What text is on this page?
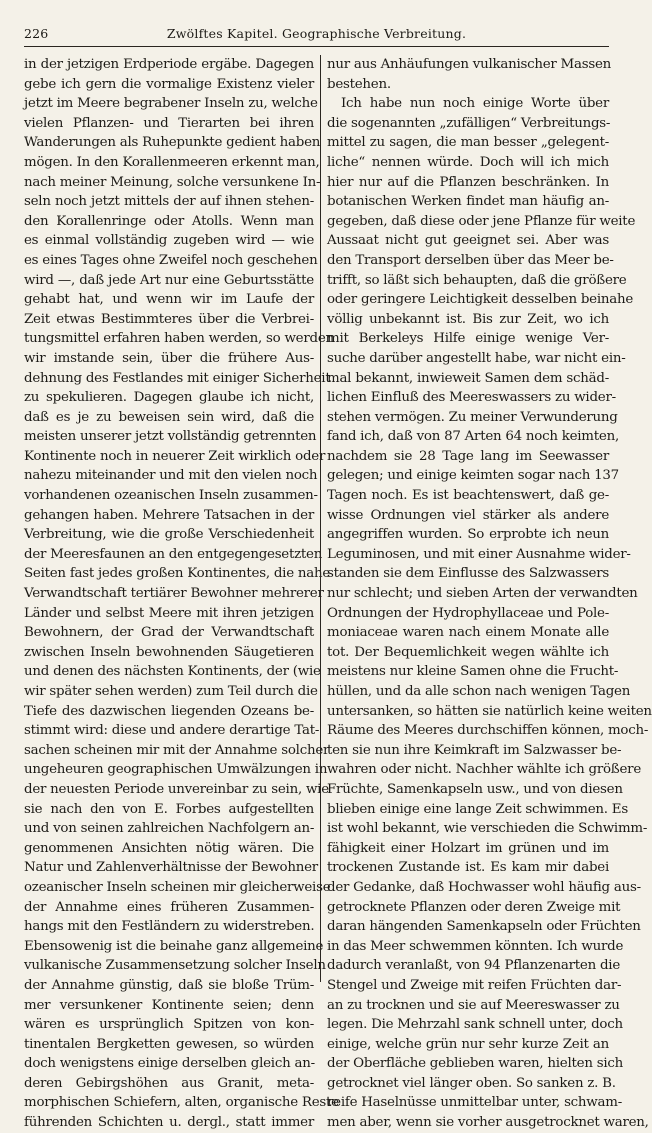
226	Zwölftes Kapitel. Geographische Verbreitung.
in der jetzigen Erdperiode ergäbe. Dagegen
gebe ich gern die vormalige Existenz vieler
jetzt im Meere begrabener Inseln zu, welche
vielen Pflanzen- und Tierarten bei ihren
Wanderungen als Ruhepunkte gedient haben
mögen. In den Korallenmeeren erkennt man,
nach meiner Meinung, solche versunkene In-
seln noch jetzt mittels der auf ihnen stehen-
den Korallenringe oder Atolls. Wenn man
es einmal vollständig zugeben wird — wie
es eines Tages ohne Zweifel noch geschehen
wird —, daß jede Art nur eine Geburtsstätte
gehabt hat, und wenn wir im Laufe der
Zeit etwas Bestimmteres über die Verbrei-
tungsmittel erfahren haben werden, so werden
wir imstande sein, über die frühere Aus-
dehnung des Festlandes mit einiger Sicherheit
zu spekulieren. Dagegen glaube ich nicht,
daß es je zu beweisen sein wird, daß die
meisten unserer jetzt vollständig getrennten
Kontinente noch in neuerer Zeit wirklich oder
nahezu miteinander und mit den vielen noch
vorhandenen ozeanischen Inseln zusammen-
gehangen haben. Mehrere Tatsachen in der
Verbreitung, wie die große Verschiedenheit
der Meeresfaunen an den entgegengesetzten
Seiten fast jedes großen Kontinentes, die nahe
Verwandtschaft tertiärer Bewohner mehrerer
Länder und selbst Meere mit ihren jetzigen
Bewohnern, der Grad der Verwandtschaft
zwischen Inseln bewohnenden Säugetieren
und denen des nächsten Kontinents, der (wie
wir später sehen werden) zum Teil durch die
Tiefe des dazwischen liegenden Ozeans be-
stimmt wird: diese und andere derartige Tat-
sachen scheinen mir mit der Annahme solcher
ungeheuren geographischen Umwälzungen in
der neuesten Periode unvereinbar zu sein, wie
sie nach den von E. Forbes aufgestellten
und von seinen zahlreichen Nachfolgern an-
genommenen Ansichten nötig wären. Die
Natur und Zahlenverhältnisse der Bewohner
ozeanischer Inseln scheinen mir gleicherweise
der Annahme eines früheren Zusammen-
hangs mit den Festländern zu widerstreben.
Ebensowenig ist die beinahe ganz allgemeine
vulkanische Zusammensetzung solcher Inseln
der Annahme günstig, daß sie bloße Trüm-
mer versunkener Kontinente seien; denn
wären es ursprünglich Spitzen von kon-
tinentalen Bergketten gewesen, so würden
doch wenigstens einige derselben gleich an-
deren Gebirgshöhen aus Granit, meta-
morphischen Schiefern, alten, organische Reste
führenden Schichten u. dergl., statt immer
nur aus Anhäufungen vulkanischer Massen
bestehen.
Ich habe nun noch einige Worte über
die sogenannten „zufälligen“ Verbreitungs-
mittel zu sagen, die man besser „gelegent-
liche“ nennen würde. Doch will ich mich
hier nur auf die Pflanzen beschränken. In
botanischen Werken findet man häufig an-
gegeben, daß diese oder jene Pflanze für weite
Aussaat nicht gut geeignet sei. Aber was
den Transport derselben über das Meer be-
trifft, so läßt sich behaupten, daß die größere
oder geringere Leichtigkeit desselben beinahe
völlig unbekannt ist. Bis zur Zeit, wo ich
mit Berkeleys Hilfe einige wenige Ver-
suche darüber angestellt habe, war nicht ein-
mal bekannt, inwieweit Samen dem schäd-
lichen Einfluß des Meereswassers zu wider-
stehen vermögen. Zu meiner Verwunderung
fand ich, daß von 87 Arten 64 noch keimten,
nachdem sie 28 Tage lang im Seewasser
gelegen; und einige keimten sogar nach 137
Tagen noch. Es ist beachtenswert, daß ge-
wisse Ordnungen viel stärker als andere
angegriffen wurden. So erprobte ich neun
Leguminosen, und mit einer Ausnahme wider-
standen sie dem Einflusse des Salzwassers
nur schlecht; und sieben Arten der verwandten
Ordnungen der Hydrophyllaceae und Pole-
moniaceae waren nach einem Monate alle
tot. Der Bequemlichkeit wegen wählte ich
meistens nur kleine Samen ohne die Frucht-
hüllen, und da alle schon nach wenigen Tagen
untersanken, so hätten sie natürlich keine weiten
Räume des Meeres durchschiffen können, moch-
ten sie nun ihre Keimkraft im Salzwasser be-
wahren oder nicht. Nachher wählte ich größere
Früchte, Samenkapseln usw., und von diesen
blieben einige eine lange Zeit schwimmen. Es
ist wohl bekannt, wie verschieden die Schwimm-
fähigkeit einer Holzart im grünen und im
trockenen Zustande ist. Es kam mir dabei
der Gedanke, daß Hochwasser wohl häufig aus-
getrocknete Pflanzen oder deren Zweige mit
daran hängenden Samenkapseln oder Früchten
in das Meer schwemmen könnten. Ich wurde
dadurch veranlaßt, von 94 Pflanzenarten die
Stengel und Zweige mit reifen Früchten dar-
an zu trocknen und sie auf Meereswasser zu
legen. Die Mehrzahl sank schnell unter, doch
einige, welche grün nur sehr kurze Zeit an
der Oberfläche geblieben waren, hielten sich
getrocknet viel länger oben. So sanken z. B.
reife Haselnüsse unmittelbar unter, schwam-
men aber, wenn sie vorher ausgetrocknet waren,
